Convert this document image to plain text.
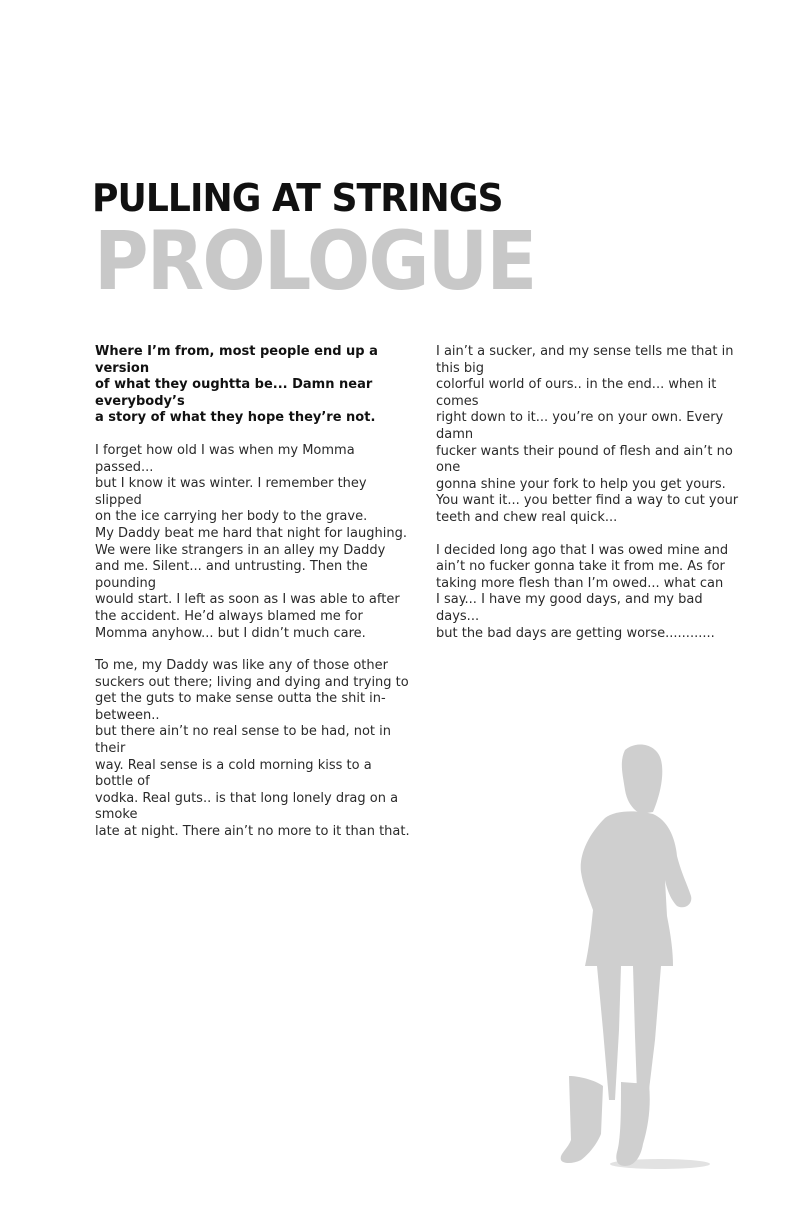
PULLING AT STRINGS
PROLOGUE

Where I’m from, most people end up a version
of what they oughtta be... Damn near everybody’s
a story of what they hope they’re not.

I forget how old I was when my Momma passed...
but I know it was winter. I remember they slipped
on the ice carrying her body to the grave.
My Daddy beat me hard that night for laughing.
We were like strangers in an alley my Daddy
and me. Silent... and untrusting. Then the pounding
would start. I left as soon as I was able to after
the accident. He’d always blamed me for
Momma anyhow... but I didn’t much care.

To me, my Daddy was like any of those other
suckers out there; living and dying and trying to
get the guts to make sense outta the shit in-between..
but there ain’t no real sense to be had, not in their
way. Real sense is a cold morning kiss to a bottle of
vodka. Real guts.. is that long lonely drag on a smoke
late at night. There ain’t no more to it than that.

I ain’t a sucker, and my sense tells me that in this big
colorful world of ours.. in the end... when it comes
right down to it... you’re on your own. Every damn
fucker wants their pound of flesh and ain’t no one
gonna shine your fork to help you get yours.
You want it... you better find a way to cut your
teeth and chew real quick...

I decided long ago that I was owed mine and
ain’t no fucker gonna take it from me. As for
taking more flesh than I’m owed... what can
I say... I have my good days, and my bad days...
but the bad days are getting worse............
